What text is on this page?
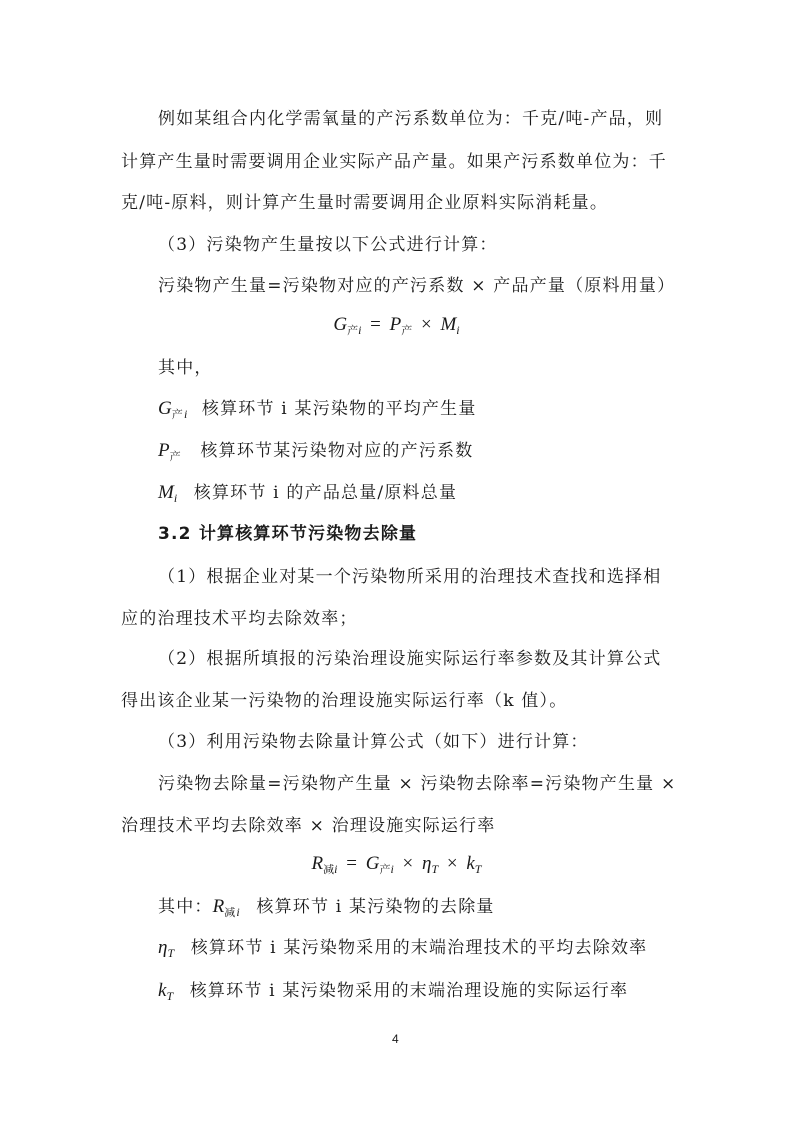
例如某组合内化学需氧量的产污系数单位为：千克/吨-产品，则
计算产生量时需要调用企业实际产品产量。如果产污系数单位为：千
克/吨-原料，则计算产生量时需要调用企业原料实际消耗量。
（3）污染物产生量按以下公式进行计算：
污染物产生量=污染物对应的产污系数 × 产品产量（原料用量）
$G_{产i} = P_产 \times M_i$
其中，
$G_{产i}$ 核算环节 i 某污染物的平均产生量
$P_产$ 核算环节某污染物对应的产污系数
$M_i$ 核算环节 i 的产品总量/原料总量
3.2 计算核算环节污染物去除量
（1）根据企业对某一个污染物所采用的治理技术查找和选择相
应的治理技术平均去除效率；
（2）根据所填报的污染治理设施实际运行率参数及其计算公式
得出该企业某一污染物的治理设施实际运行率（k 值）。
（3）利用污染物去除量计算公式（如下）进行计算：
污染物去除量=污染物产生量 × 污染物去除率=污染物产生量 ×
治理技术平均去除效率 × 治理设施实际运行率
$R_{减i} = G_{产i} \times \eta_T \times k_T$
其中：$R_{减i}$ 核算环节 i 某污染物的去除量
$\eta_T$ 核算环节 i 某污染物采用的末端治理技术的平均去除效率
$k_T$ 核算环节 i 某污染物采用的末端治理设施的实际运行率
4
